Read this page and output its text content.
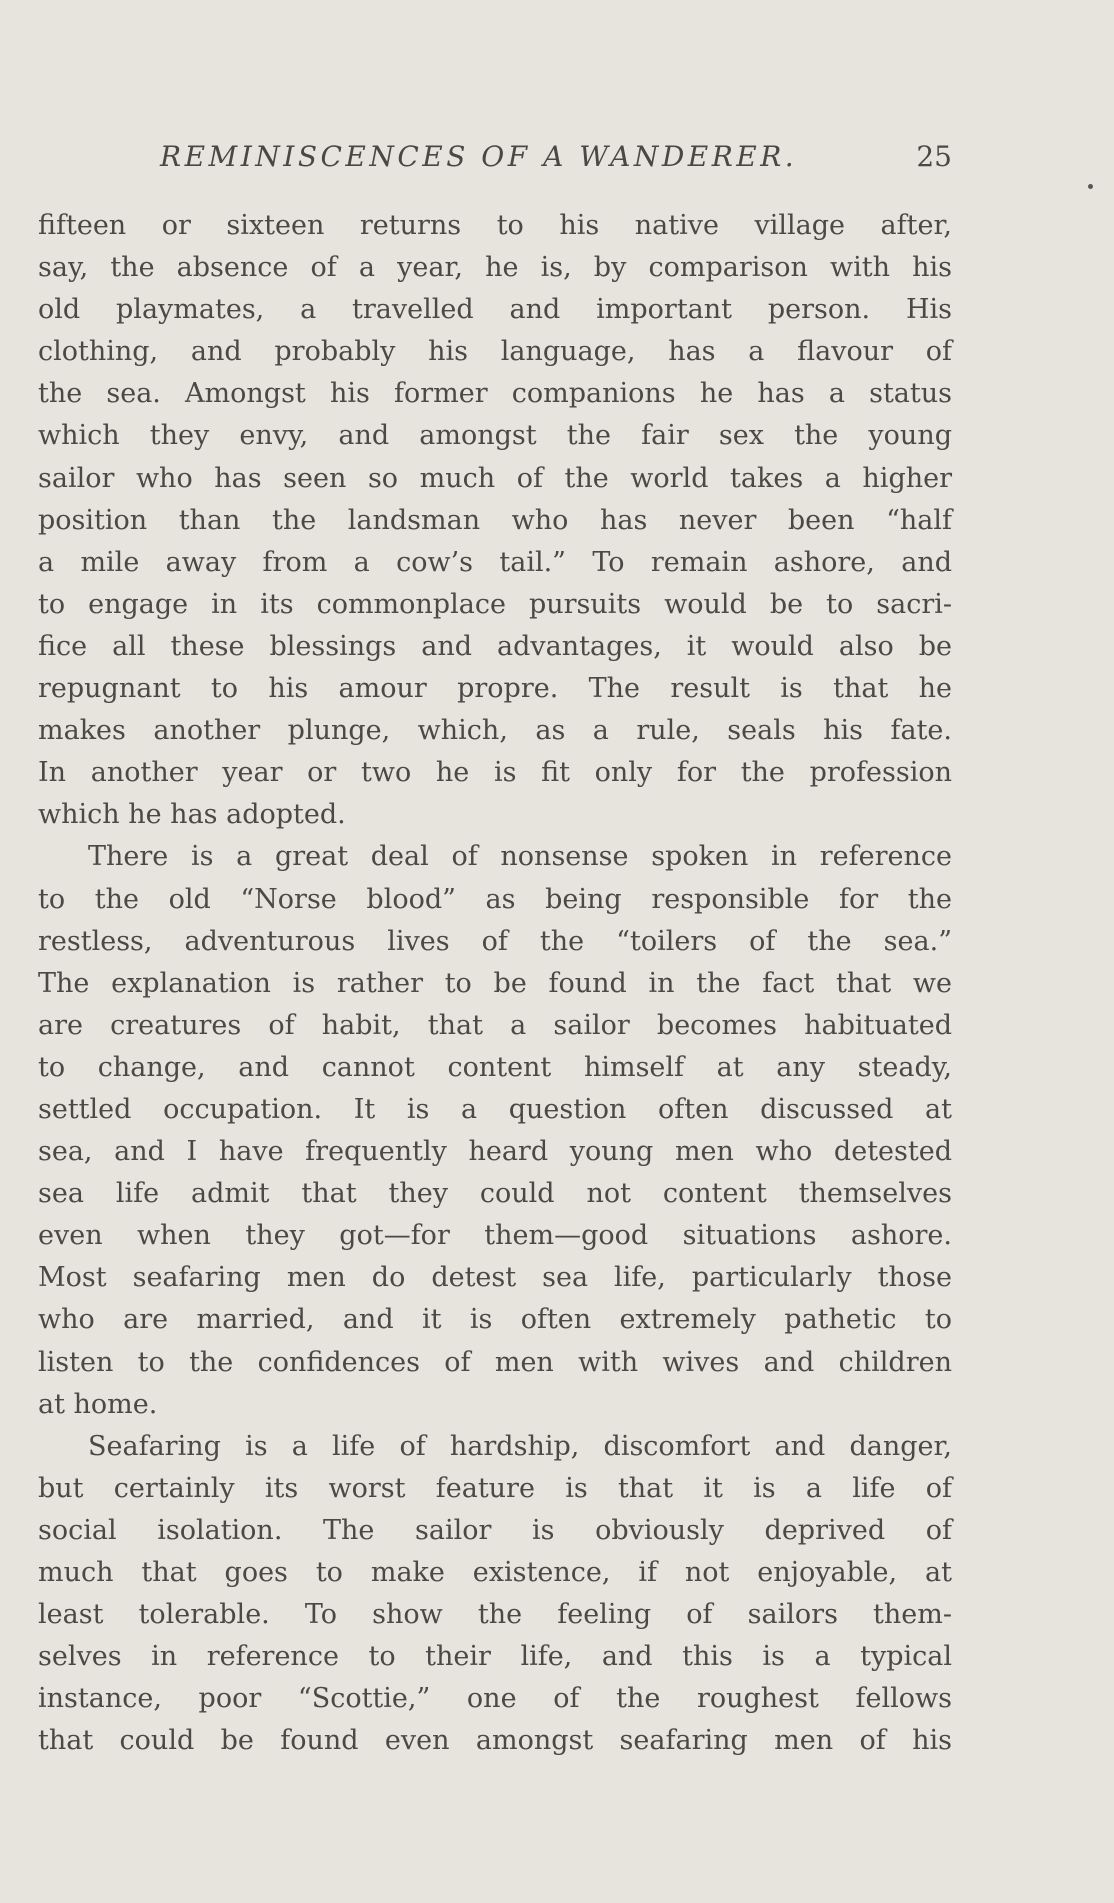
REMINISCENCES OF A WANDERER.	25
fifteen or sixteen returns to his native village after,
say, the absence of a year, he is, by comparison with his
old playmates, a travelled and important person. His
clothing, and probably his language, has a flavour of
the sea. Amongst his former companions he has a status
which they envy, and amongst the fair sex the young
sailor who has seen so much of the world takes a higher
position than the landsman who has never been “half
a mile away from a cow’s tail.” To remain ashore, and
to engage in its commonplace pursuits would be to sacri-
fice all these blessings and advantages, it would also be
repugnant to his amour propre. The result is that he
makes another plunge, which, as a rule, seals his fate.
In another year or two he is fit only for the profession
which he has adopted.
There is a great deal of nonsense spoken in reference
to the old “Norse blood” as being responsible for the
restless, adventurous lives of the “toilers of the sea.”
The explanation is rather to be found in the fact that we
are creatures of habit, that a sailor becomes habituated
to change, and cannot content himself at any steady,
settled occupation. It is a question often discussed at
sea, and I have frequently heard young men who detested
sea life admit that they could not content themselves
even when they got—for them—good situations ashore.
Most seafaring men do detest sea life, particularly those
who are married, and it is often extremely pathetic to
listen to the confidences of men with wives and children
at home.
Seafaring is a life of hardship, discomfort and danger,
but certainly its worst feature is that it is a life of
social isolation. The sailor is obviously deprived of
much that goes to make existence, if not enjoyable, at
least tolerable. To show the feeling of sailors them-
selves in reference to their life, and this is a typical
instance, poor “Scottie,” one of the roughest fellows
that could be found even amongst seafaring men of his
